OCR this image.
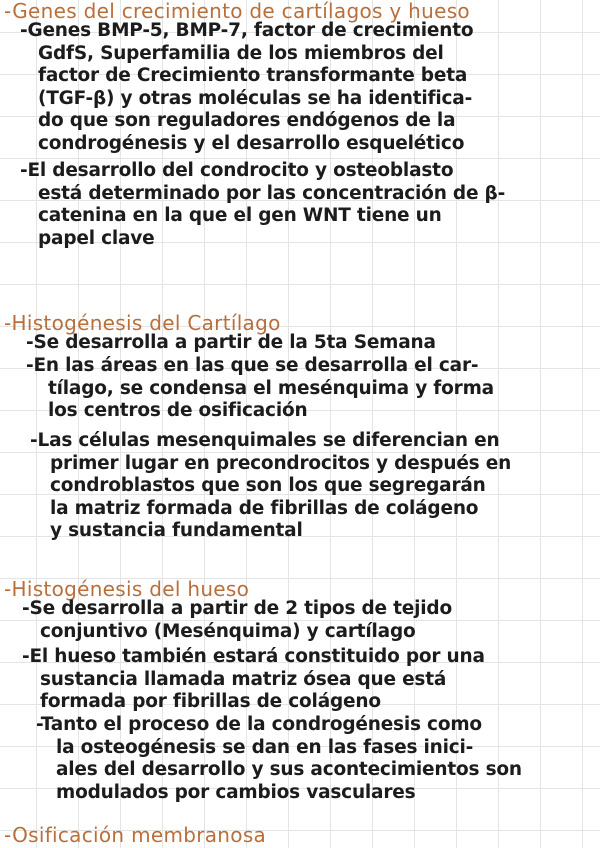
-Genes del crecimiento de cartílagos y hueso
-Genes BMP-5, BMP-7, factor de crecimiento
GdfS, Superfamilia de los miembros del
factor de Crecimiento transformante beta
(TGF-β) y otras moléculas se ha identifica-
do que son reguladores endógenos de la
condrogénesis y el desarrollo esquelético
-El desarrollo del condrocito y osteoblasto
está determinado por las concentración de β-
catenina en la que el gen WNT tiene un
papel clave
-Histogénesis del Cartílago
-Se desarrolla a partir de la 5ta Semana
-En las áreas en las que se desarrolla el car-
tílago, se condensa el mesénquima y forma
los centros de osificación
-Las células mesenquimales se diferencian en
primer lugar en precondrocitos y después en
condroblastos que son los que segregarán
la matriz formada de fibrillas de colágeno
y sustancia fundamental
-Histogénesis del hueso
-Se desarrolla a partir de 2 tipos de tejido
conjuntivo (Mesénquima) y cartílago
-El hueso también estará constituido por una
sustancia llamada matriz ósea que está
formada por fibrillas de colágeno
-Tanto el proceso de la condrogénesis como
la osteogénesis se dan en las fases inici-
ales del desarrollo y sus acontecimientos son
modulados por cambios vasculares
-Osificación membranosa
